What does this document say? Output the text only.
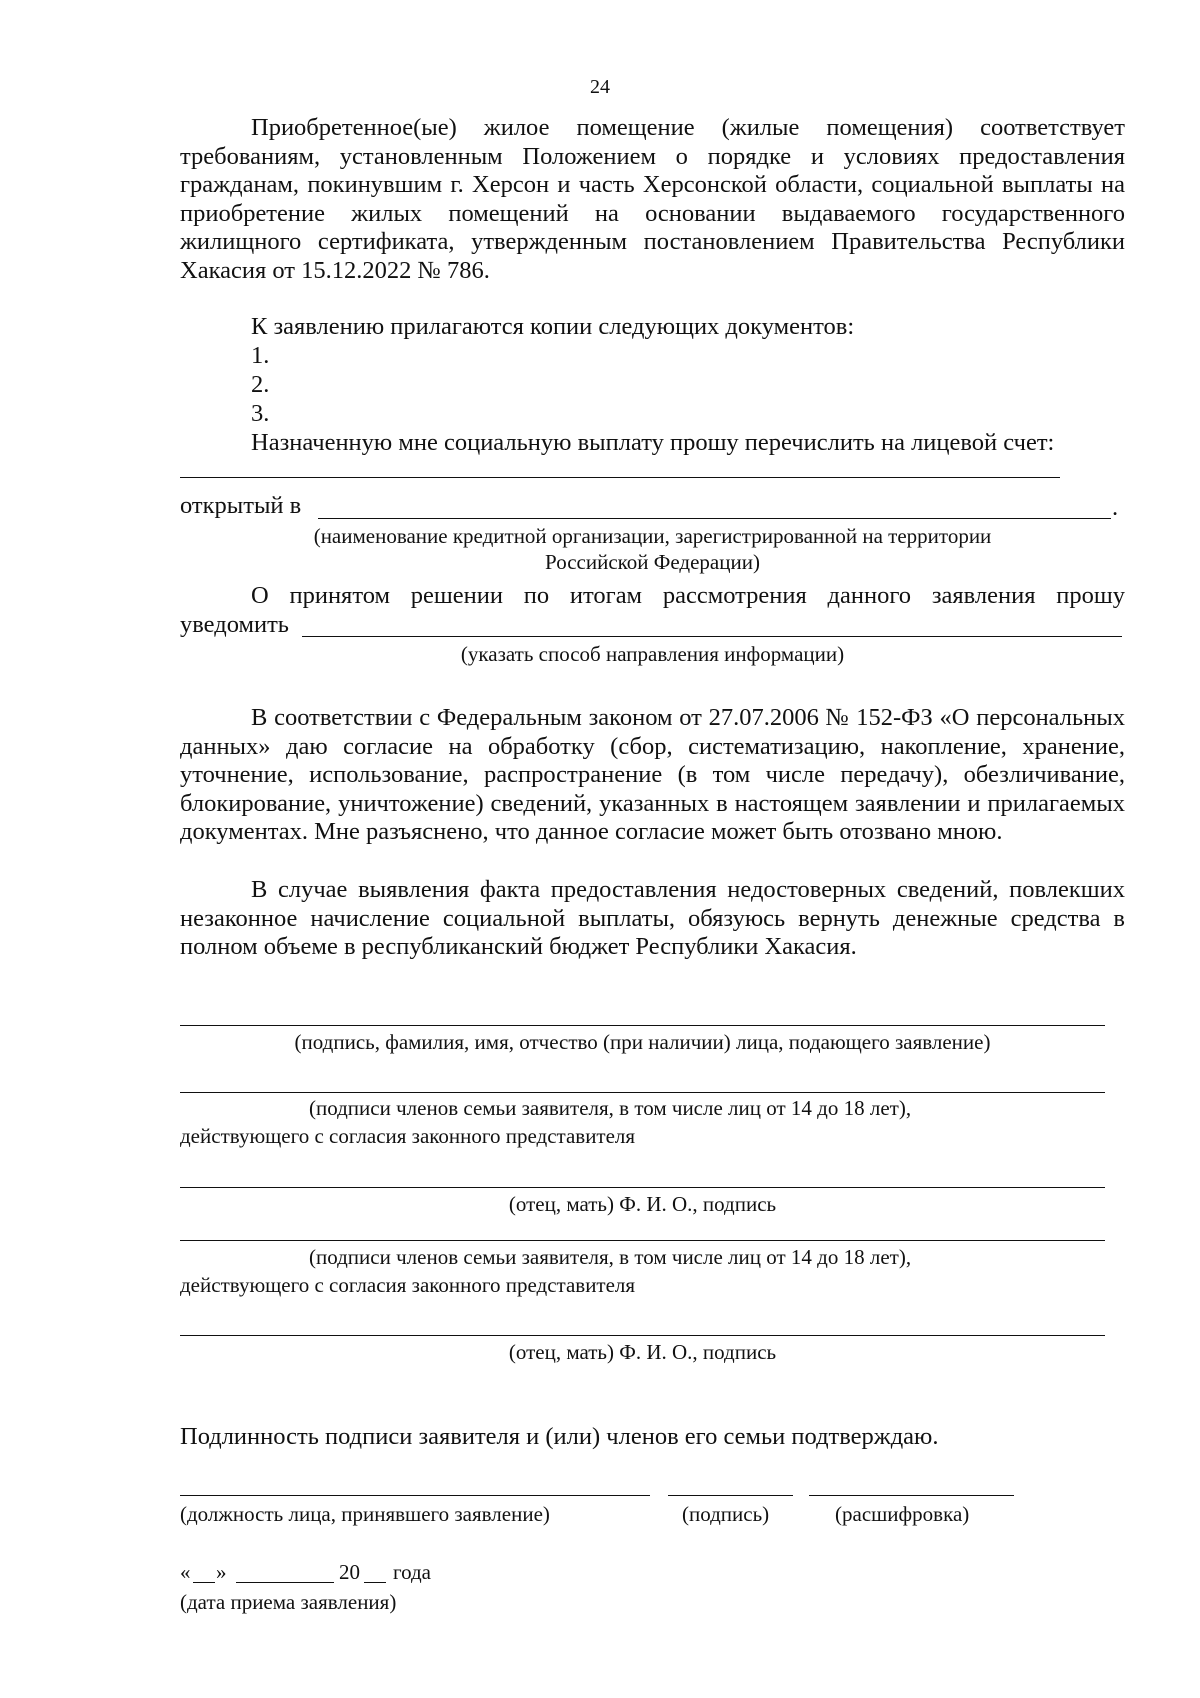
24
Приобретенное(ые) жилое помещение (жилые помещения) соответствует требованиям, установленным Положением о порядке и условиях предоставления гражданам, покинувшим г. Херсон и часть Херсонской области, социальной выплаты на приобретение жилых помещений на основании выдаваемого государственного жилищного сертификата, утвержденным постановлением Правительства Республики Хакасия от 15.12.2022 № 786.
К заявлению прилагаются копии следующих документов:
1.
2.
3.
Назначенную мне социальную выплату прошу перечислить на лицевой счет:
открытый в	.
(наименование кредитной организации, зарегистрированной на территории
Российской Федерации)
О принятом решении по итогам рассмотрения данного заявления прошу
уведомить
(указать способ направления информации)
В соответствии с Федеральным законом от 27.07.2006 № 152-ФЗ «О персональных данных» даю согласие на обработку (сбор, систематизацию, накопление, хранение, уточнение, использование, распространение (в том числе передачу), обезличивание, блокирование, уничтожение) сведений, указанных в настоящем заявлении и прилагаемых документах. Мне разъяснено, что данное согласие может быть отозвано мною.
В случае выявления факта предоставления недостоверных сведений, повлекших незаконное начисление социальной выплаты, обязуюсь вернуть денежные средства в полном объеме в республиканский бюджет Республики Хакасия.
(подпись, фамилия, имя, отчество (при наличии) лица, подающего заявление)
(подписи членов семьи заявителя, в том числе лиц от 14 до 18 лет),
действующего с согласия законного представителя
(отец, мать) Ф. И. О., подпись
(подписи членов семьи заявителя, в том числе лиц от 14 до 18 лет),
действующего с согласия законного представителя
(отец, мать) Ф. И. О., подпись
Подлинность подписи заявителя и (или) членов его семьи подтверждаю.
(должность лица, принявшего заявление)	(подпись)	(расшифровка)
« »	20 года
(дата приема заявления)
